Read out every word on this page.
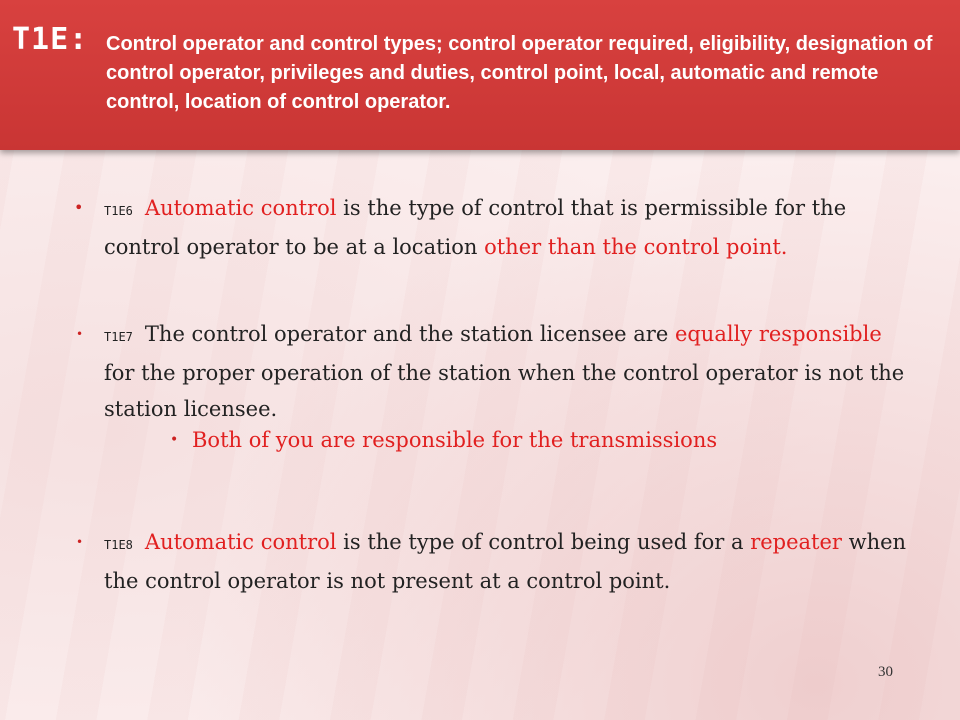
T1E: Control operator and control types; control operator required, eligibility, designation of control operator, privileges and duties, control point, local, automatic and remote control, location of control operator.
• T1E6 Automatic control is the type of control that is permissible for the control operator to be at a location other than the control point.
• T1E7 The control operator and the station licensee are equally responsible for the proper operation of the station when the control operator is not the station licensee.
• Both of you are responsible for the transmissions
• T1E8 Automatic control is the type of control being used for a repeater when the control operator is not present at a control point.
30
